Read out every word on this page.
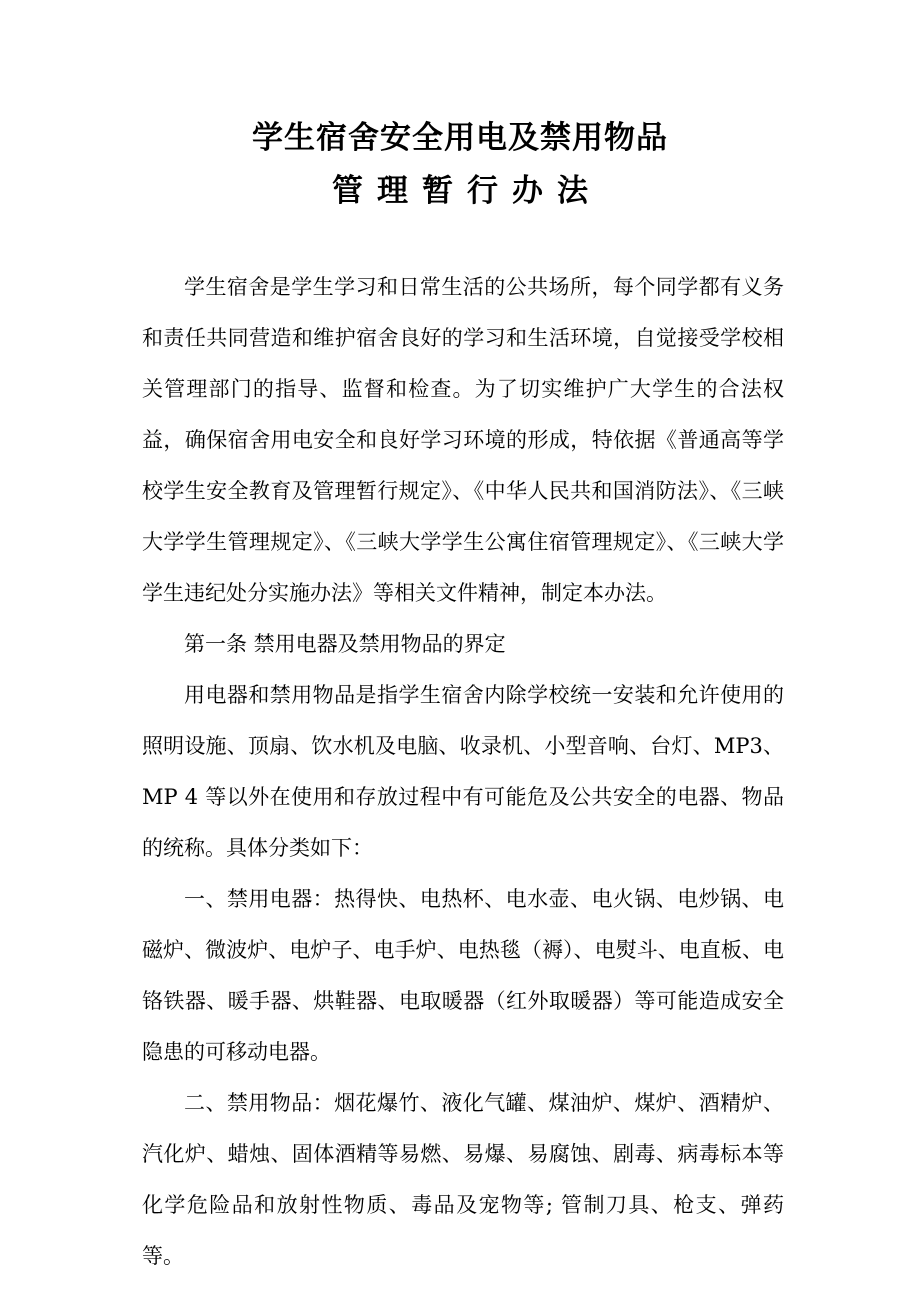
学生宿舍安全用电及禁用物品
管理暂行办法

学生宿舍是学生学习和日常生活的公共场所，每个同学都有义务和责任共同营造和维护宿舍良好的学习和生活环境，自觉接受学校相关管理部门的指导、监督和检查。为了切实维护广大学生的合法权益，确保宿舍用电安全和良好学习环境的形成，特依据《普通高等学校学生安全教育及管理暂行规定》、《中华人民共和国消防法》、《三峡大学学生管理规定》、《三峡大学学生公寓住宿管理规定》、《三峡大学学生违纪处分实施办法》等相关文件精神，制定本办法。

第一条 禁用电器及禁用物品的界定

用电器和禁用物品是指学生宿舍内除学校统一安装和允许使用的照明设施、顶扇、饮水机及电脑、收录机、小型音响、台灯、MP3、MP 4 等以外在使用和存放过程中有可能危及公共安全的电器、物品的统称。具体分类如下：

一、禁用电器：热得快、电热杯、电水壶、电火锅、电炒锅、电磁炉、微波炉、电炉子、电手炉、电热毯（褥）、电熨斗、电直板、电铬铁器、暖手器、烘鞋器、电取暖器（红外取暖器）等可能造成安全隐患的可移动电器。

二、禁用物品：烟花爆竹、液化气罐、煤油炉、煤炉、酒精炉、汽化炉、蜡烛、固体酒精等易燃、易爆、易腐蚀、剧毒、病毒标本等化学危险品和放射性物质、毒品及宠物等; 管制刀具、枪支、弹药等。
